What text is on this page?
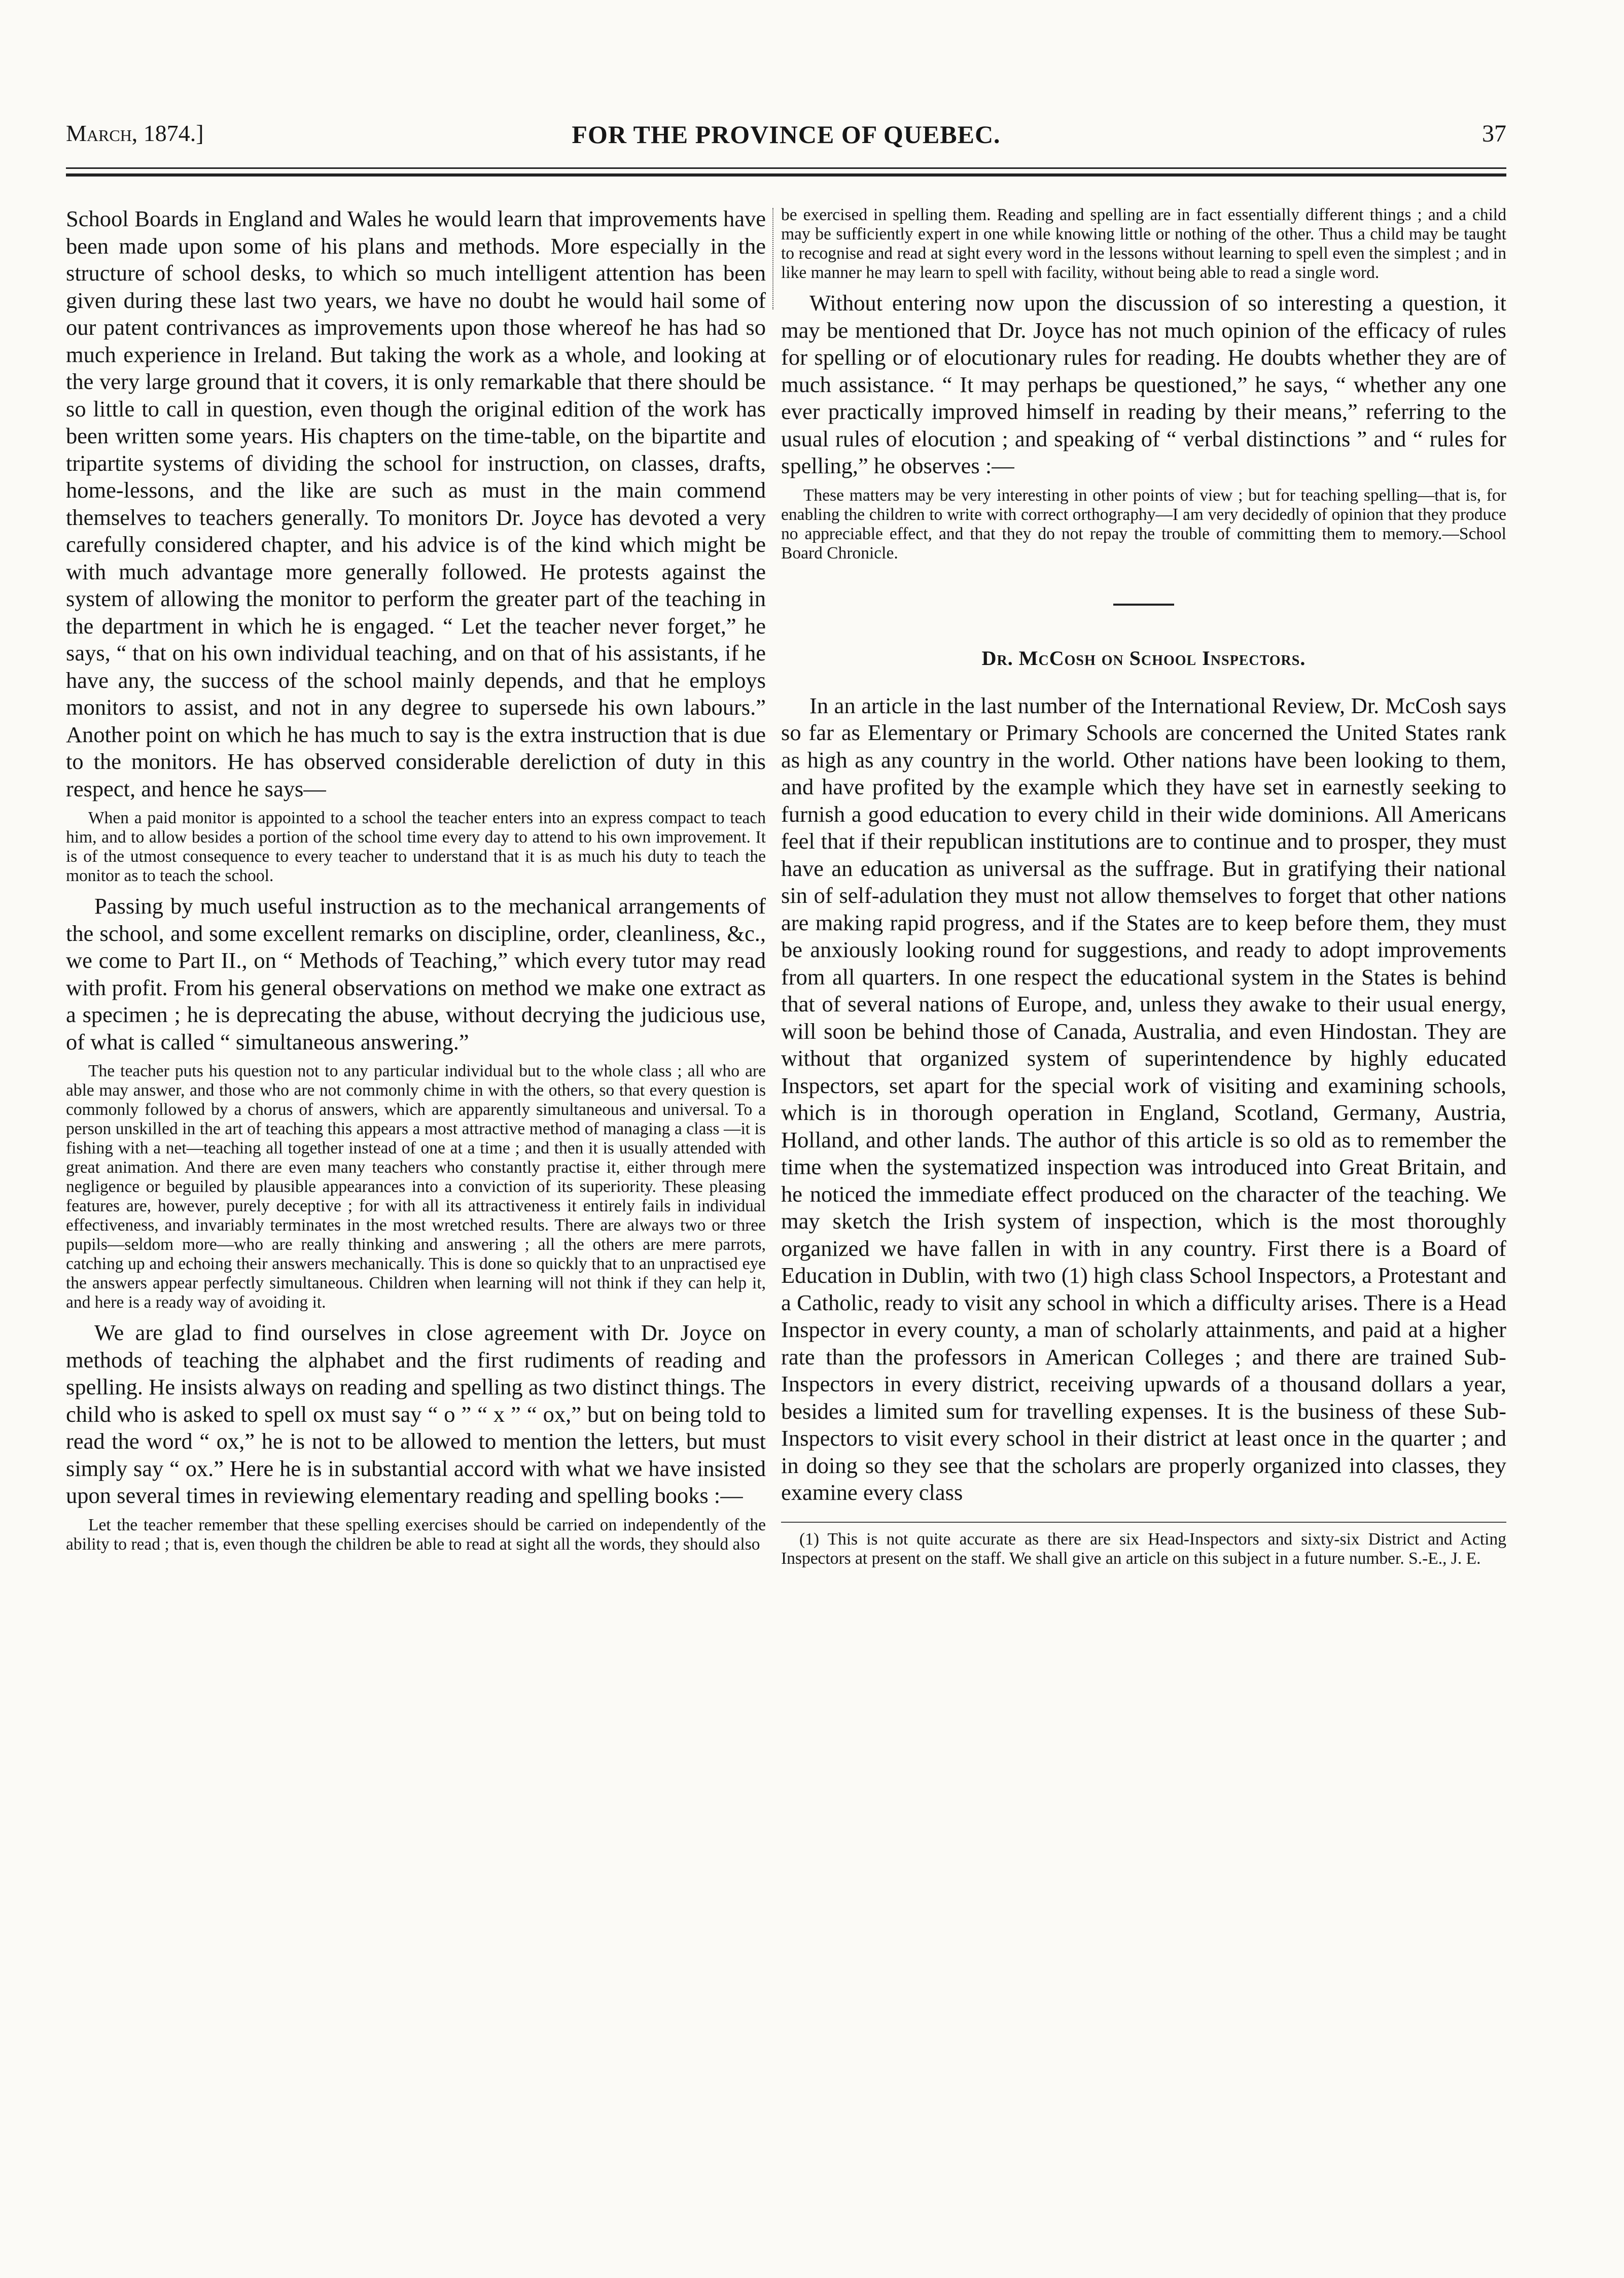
March, 1874.]	FOR THE PROVINCE OF QUEBEC.	37

School Boards in England and Wales he would learn that improvements have been made upon some of his plans and methods. More especially in the structure of school desks, to which so much intelligent attention has been given during these last two years, we have no doubt he would hail some of our patent contrivances as improvements upon those whereof he has had so much experience in Ireland. But taking the work as a whole, and looking at the very large ground that it covers, it is only remarkable that there should be so little to call in question, even though the original edition of the work has been written some years. His chapters on the time-table, on the bipartite and tripartite systems of dividing the school for instruction, on classes, drafts, home-lessons, and the like are such as must in the main commend themselves to teachers generally. To monitors Dr. Joyce has devoted a very carefully considered chapter, and his advice is of the kind which might be with much advantage more generally followed. He protests against the system of allowing the monitor to perform the greater part of the teaching in the department in which he is engaged. “ Let the teacher never forget,” he says, “ that on his own individual teaching, and on that of his assistants, if he have any, the success of the school mainly depends, and that he employs monitors to assist, and not in any degree to supersede his own labours.” Another point on which he has much to say is the extra instruction that is due to the monitors. He has observed considerable dereliction of duty in this respect, and hence he says—

When a paid monitor is appointed to a school the teacher enters into an express compact to teach him, and to allow besides a portion of the school time every day to attend to his own improvement. It is of the utmost consequence to every teacher to understand that it is as much his duty to teach the monitor as to teach the school.

Passing by much useful instruction as to the mechanical arrangements of the school, and some excellent remarks on discipline, order, cleanliness, &c., we come to Part II., on “ Methods of Teaching,” which every tutor may read with profit. From his general observations on method we make one extract as a specimen ; he is deprecating the abuse, without decrying the judicious use, of what is called “ simultaneous answering.”

The teacher puts his question not to any particular individual but to the whole class ; all who are able may answer, and those who are not commonly chime in with the others, so that every question is commonly followed by a chorus of answers, which are apparently simultaneous and universal. To a person unskilled in the art of teaching this appears a most attractive method of managing a class —it is fishing with a net—teaching all together instead of one at a time ; and then it is usually attended with great animation. And there are even many teachers who constantly practise it, either through mere negligence or beguiled by plausible appearances into a conviction of its superiority. These pleasing features are, however, purely deceptive ; for with all its attractiveness it entirely fails in individual effectiveness, and invariably terminates in the most wretched results. There are always two or three pupils—seldom more—who are really thinking and answering ; all the others are mere parrots, catching up and echoing their answers mechanically. This is done so quickly that to an unpractised eye the answers appear perfectly simultaneous. Children when learning will not think if they can help it, and here is a ready way of avoiding it.

We are glad to find ourselves in close agreement with Dr. Joyce on methods of teaching the alphabet and the first rudiments of reading and spelling. He insists always on reading and spelling as two distinct things. The child who is asked to spell ox must say “ o ” “ x ” “ ox,” but on being told to read the word “ ox,” he is not to be allowed to mention the letters, but must simply say “ ox.” Here he is in substantial accord with what we have insisted upon several times in reviewing elementary reading and spelling books :—

Let the teacher remember that these spelling exercises should be carried on independently of the ability to read ; that is, even though the children be able to read at sight all the words, they should also

be exercised in spelling them. Reading and spelling are in fact essentially different things ; and a child may be sufficiently expert in one while knowing little or nothing of the other. Thus a child may be taught to recognise and read at sight every word in the lessons without learning to spell even the simplest ; and in like manner he may learn to spell with facility, without being able to read a single word.

Without entering now upon the discussion of so interesting a question, it may be mentioned that Dr. Joyce has not much opinion of the efficacy of rules for spelling or of elocutionary rules for reading. He doubts whether they are of much assistance. “ It may perhaps be questioned,” he says, “ whether any one ever practically improved himself in reading by their means,” referring to the usual rules of elocution ; and speaking of “ verbal distinctions ” and “ rules for spelling,” he observes :—

These matters may be very interesting in other points of view ; but for teaching spelling—that is, for enabling the children to write with correct orthography—I am very decidedly of opinion that they produce no appreciable effect, and that they do not repay the trouble of committing them to memory.—School Board Chronicle.

Dr. McCosh on School Inspectors.

In an article in the last number of the International Review, Dr. McCosh says so far as Elementary or Primary Schools are concerned the United States rank as high as any country in the world. Other nations have been looking to them, and have profited by the example which they have set in earnestly seeking to furnish a good education to every child in their wide dominions. All Americans feel that if their republican institutions are to continue and to prosper, they must have an education as universal as the suffrage. But in gratifying their national sin of self-adulation they must not allow themselves to forget that other nations are making rapid progress, and if the States are to keep before them, they must be anxiously looking round for suggestions, and ready to adopt improvements from all quarters. In one respect the educational system in the States is behind that of several nations of Europe, and, unless they awake to their usual energy, will soon be behind those of Canada, Australia, and even Hindostan. They are without that organized system of superintendence by highly educated Inspectors, set apart for the special work of visiting and examining schools, which is in thorough operation in England, Scotland, Germany, Austria, Holland, and other lands. The author of this article is so old as to remember the time when the systematized inspection was introduced into Great Britain, and he noticed the immediate effect produced on the character of the teaching. We may sketch the Irish system of inspection, which is the most thoroughly organized we have fallen in with in any country. First there is a Board of Education in Dublin, with two (1) high class School Inspectors, a Protestant and a Catholic, ready to visit any school in which a difficulty arises. There is a Head Inspector in every county, a man of scholarly attainments, and paid at a higher rate than the professors in American Colleges ; and there are trained Sub-Inspectors in every district, receiving upwards of a thousand dollars a year, besides a limited sum for travelling expenses. It is the business of these Sub-Inspectors to visit every school in their district at least once in the quarter ; and in doing so they see that the scholars are properly organized into classes, they examine every class

(1) This is not quite accurate as there are six Head-Inspectors and sixty-six District and Acting Inspectors at present on the staff. We shall give an article on this subject in a future number. S.-E., J. E.
